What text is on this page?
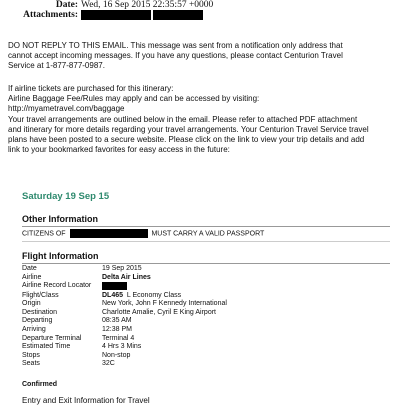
Date: Wed, 16 Sep 2015 22:35:57 +0000
Attachments:
DO NOT REPLY TO THIS EMAIL. This message was sent from a notification only address that
cannot accept incoming messages. If you have any questions, please contact Centurion Travel
Service at 1-877-877-0987.
If airline tickets are purchased for this itinerary:
Airline Baggage Fee/Rules may apply and can be accessed by visiting:
http://myametravel.com/baggage
Your travel arrangements are outlined below in the email. Please refer to attached PDF attachment
and itinerary for more details regarding your travel arrangements. Your Centurion Travel Service travel
plans have been posted to a secure website. Please click on the link to view your trip details and add
link to your bookmarked favorites for easy access in the future:
Saturday 19 Sep 15
Other Information
CITIZENS OF	MUST CARRY A VALID PASSPORT
Flight Information
Date	19 Sep 2015
Airline	Delta Air Lines
Airline Record Locator	
Flight/Class	DL465 L Economy Class
Origin	New York, John F Kennedy International
Destination	Charlotte Amalie, Cyril E King Airport
Departing	08:35 AM
Arriving	12:38 PM
Departure Terminal	Terminal 4
Estimated Time	4 Hrs 3 Mins
Stops	Non-stop
Seats	32C
Confirmed
Entry and Exit Information for Travel
